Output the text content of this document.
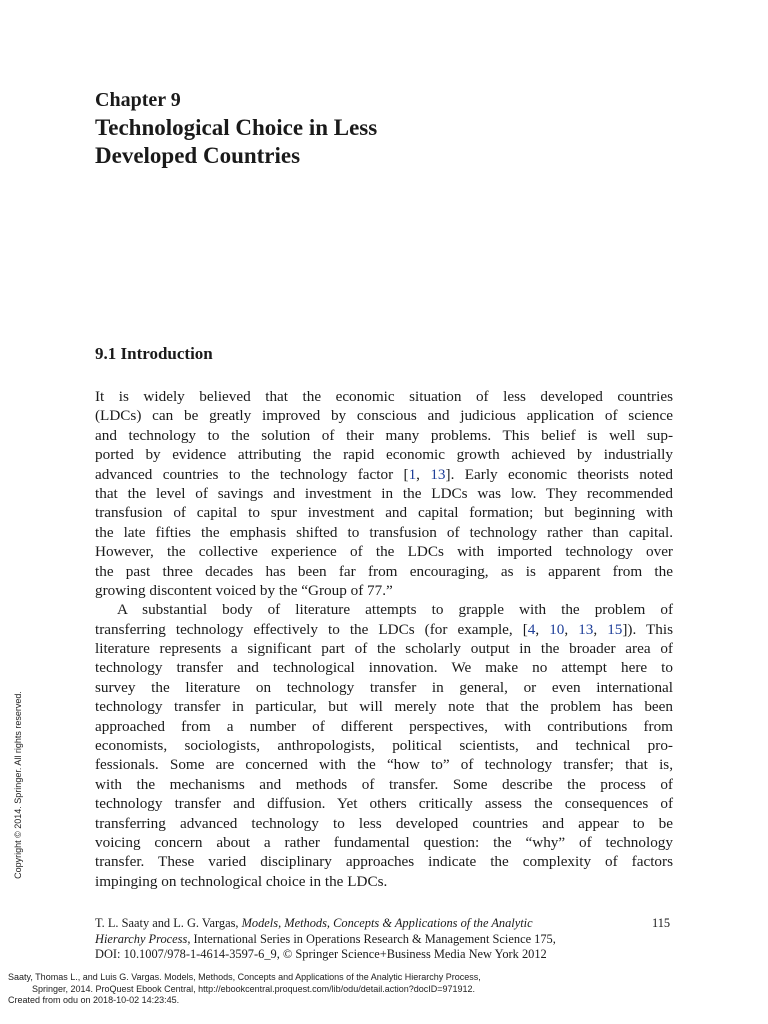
Chapter 9
Technological Choice in Less
Developed Countries
9.1 Introduction
It is widely believed that the economic situation of less developed countries
(LDCs) can be greatly improved by conscious and judicious application of science
and technology to the solution of their many problems. This belief is well sup-
ported by evidence attributing the rapid economic growth achieved by industrially
advanced countries to the technology factor [1, 13]. Early economic theorists noted
that the level of savings and investment in the LDCs was low. They recommended
transfusion of capital to spur investment and capital formation; but beginning with
the late fifties the emphasis shifted to transfusion of technology rather than capital.
However, the collective experience of the LDCs with imported technology over
the past three decades has been far from encouraging, as is apparent from the
growing discontent voiced by the “Group of 77.”
A substantial body of literature attempts to grapple with the problem of
transferring technology effectively to the LDCs (for example, [4, 10, 13, 15]). This
literature represents a significant part of the scholarly output in the broader area of
technology transfer and technological innovation. We make no attempt here to
survey the literature on technology transfer in general, or even international
technology transfer in particular, but will merely note that the problem has been
approached from a number of different perspectives, with contributions from
economists, sociologists, anthropologists, political scientists, and technical pro-
fessionals. Some are concerned with the “how to” of technology transfer; that is,
with the mechanisms and methods of transfer. Some describe the process of
technology transfer and diffusion. Yet others critically assess the consequences of
transferring advanced technology to less developed countries and appear to be
voicing concern about a rather fundamental question: the “why” of technology
transfer. These varied disciplinary approaches indicate the complexity of factors
impinging on technological choice in the LDCs.
Copyright © 2014. Springer. All rights reserved.
T. L. Saaty and L. G. Vargas, Models, Methods, Concepts & Applications of the Analytic
Hierarchy Process, International Series in Operations Research & Management Science 175,
DOI: 10.1007/978-1-4614-3597-6_9, © Springer Science+Business Media New York 2012
115
Saaty, Thomas L., and Luis G. Vargas. Models, Methods, Concepts and Applications of the Analytic Hierarchy Process,
Springer, 2014. ProQuest Ebook Central, http://ebookcentral.proquest.com/lib/odu/detail.action?docID=971912.
Created from odu on 2018-10-02 14:23:45.
